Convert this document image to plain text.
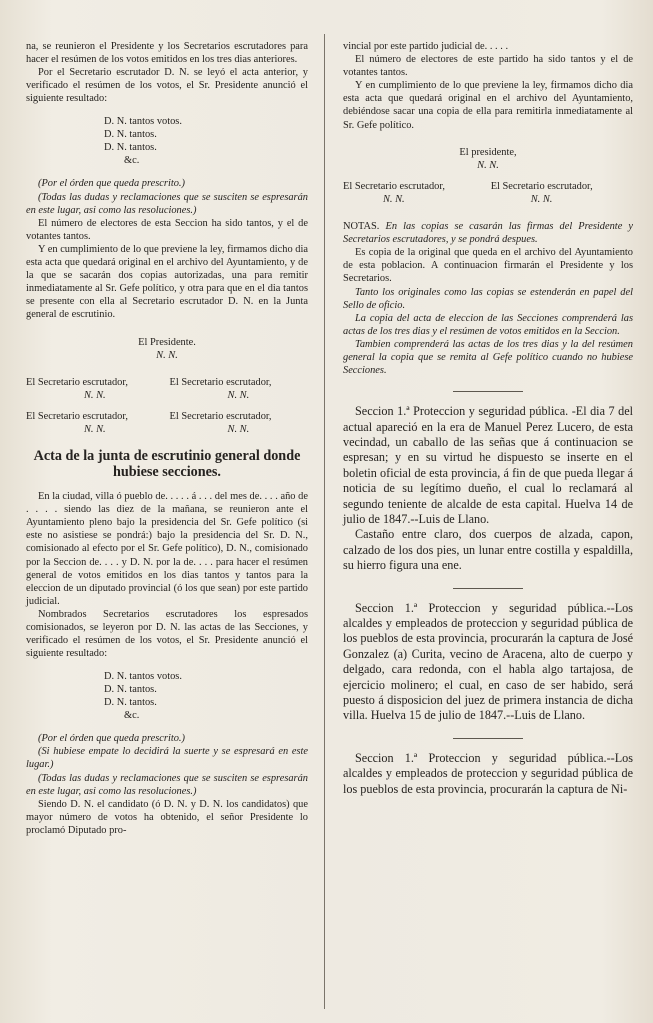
na, se reunieron el Presidente y los Secretarios escrutadores para hacer el resúmen de los votos emitidos en los tres dias anteriores.

Por el Secretario escrutador D. N. se leyó el acta anterior, y verificado el resúmen de los votos, el Sr. Presidente anunció el siguiente resultado:

D. N. tantos votos.
D. N. tantos.
D. N. tantos.
&c.

(Por el órden que queda prescrito.)

(Todas las dudas y reclamaciones que se susciten se espresarán en este lugar, asi como las resoluciones.)

El número de electores de esta Seccion ha sido tantos, y el de votantes tantos.

Y en cumplimiento de lo que previene la ley, firmamos dicho dia esta acta que quedará original en el archivo del Ayuntamiento, y de la que se sacarán dos copias autorizadas, una para remitir inmediatamente al Sr. Gefe político, y otra para que en el dia tantos se presente con ella al Secretario escrutador D. N. en la Junta general de escrutinio.

El Presidente.
N. N.
El Secretario escrutador,
N. N.
El Secretario escrutador,
N. N.
El Secretario escrutador,
N. N.
El Secretario escrutador,
N. N.
Acta de la junta de escrutinio general donde hubiese secciones.

En la ciudad, villa ó pueblo de. . . . . á . . . del mes de. . . . año de . . . . siendo las diez de la mañana, se reunieron ante el Ayuntamiento pleno bajo la presidencia del Sr. Gefe político (si este no asistiese se pondrá:) bajo la presidencia del Sr. D. N., comisionado al efecto por el Sr. Gefe político), D. N., comisionado por la Seccion de. . . . y D. N. por la de. . . . para hacer el resúmen general de votos emitidos en los dias tantos y tantos para la eleccion de un diputado provincial (ó los que sean) por este partido judicial.

Nombrados Secretarios escrutadores los espresados comisionados, se leyeron por D. N. las actas de las Secciones, y verificado el resúmen de los votos, el Sr. Presidente anunció el siguiente resultado:

D. N. tantos votos.
D. N. tantos.
D. N. tantos.
&c.

(Por el órden que queda prescrito.)

(Si hubiese empate lo decidirá la suerte y se espresará en este lugar.)

(Todas las dudas y reclamaciones que se susciten se espresarán en este lugar, asi como las resoluciones.)

Siendo D. N. el candidato (ó D. N. y D. N. los candidatos) que mayor número de votos ha obtenido, el señor Presidente lo proclamó Diputado pro-

vincial por este partido judicial de. . . . .

El número de electores de este partido ha sido tantos y el de votantes tantos.

Y en cumplimiento de lo que previene la ley, firmamos dicho dia esta acta que quedará original en el archivo del Ayuntamiento, debiéndose sacar una copia de ella para remitirla inmediatamente al Sr. Gefe político.

El presidente,
N. N.
El Secretario escrutador,
N. N.
El Secretario escrutador,
N. N.

NOTAS. En las copias se casarán las firmas del Presidente y Secretarios escrutadores, y se pondrá despues.

Es copia de la original que queda en el archivo del Ayuntamiento de esta poblacion. A continuacion firmarán el Presidente y los Secretarios.

Tanto los originales como las copias se estenderán en papel del Sello de oficio.

La copia del acta de eleccion de las Secciones comprenderá las actas de los tres dias y el resúmen de votos emitidos en la Seccion.

Tambien comprenderá las actas de los tres dias y la del resúmen general la copia que se remita al Gefe político cuando no hubiese Secciones.

Seccion 1.ª Proteccion y seguridad pública. -El dia 7 del actual apareció en la era de Manuel Perez Lucero, de esta vecindad, un caballo de las señas que á continuacion se espresan; y en su virtud he dispuesto se inserte en el boletin oficial de esta provincia, á fin de que pueda llegar á noticia de su legítimo dueño, el cual lo reclamará al segundo teniente de alcalde de esta capital. Huelva 14 de julio de 1847.--Luis de Llano.

Castaño entre claro, dos cuerpos de alzada, capon, calzado de los dos pies, un lunar entre costilla y espaldilla, su hierro figura una ene.

Seccion 1.ª Proteccion y seguridad pública.--Los alcaldes y empleados de proteccion y seguridad pública de los pueblos de esta provincia, procurarán la captura de José Gonzalez (a) Curita, vecino de Aracena, alto de cuerpo y delgado, cara redonda, con el habla algo tartajosa, de ejercicio molinero; el cual, en caso de ser habido, será puesto á disposicion del juez de primera instancia de dicha villa. Huelva 15 de julio de 1847.--Luis de Llano.

Seccion 1.ª Proteccion y seguridad pública.--Los alcaldes y empleados de proteccion y seguridad pública de los pueblos de esta provincia, procurarán la captura de Ni-
